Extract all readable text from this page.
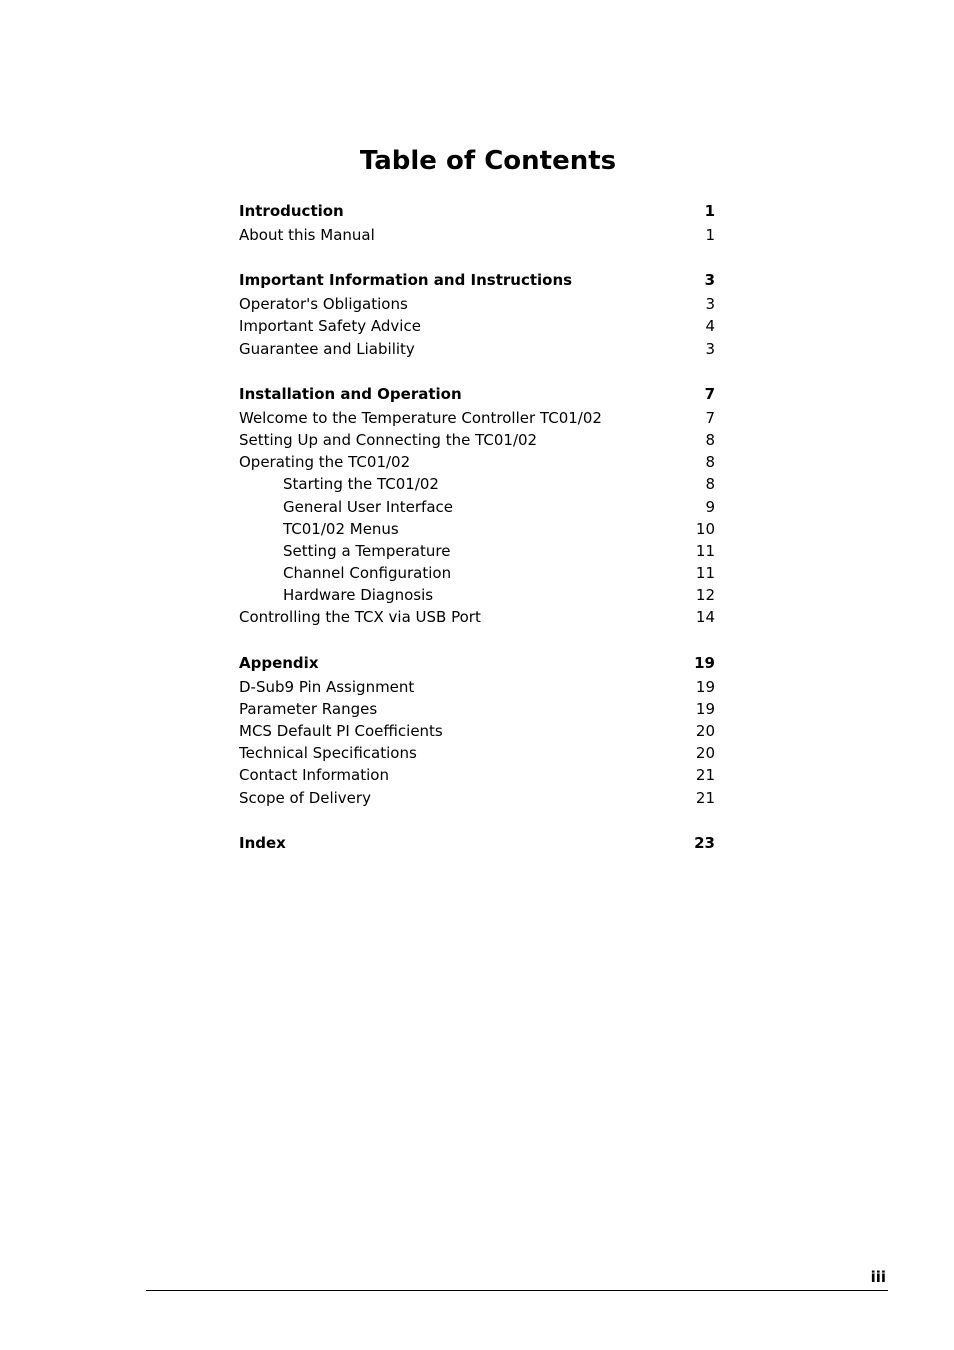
Table of Contents
Introduction	1
About this Manual	1
Important Information and Instructions	3
Operator's Obligations	3
Important Safety Advice	4
Guarantee and Liability	3
Installation and Operation	7
Welcome to the Temperature Controller TC01/02	7
Setting Up and Connecting the TC01/02	8
Operating the TC01/02	8
Starting the TC01/02	8
General User Interface	9
TC01/02 Menus	10
Setting a Temperature	11
Channel Configuration	11
Hardware Diagnosis	12
Controlling the TCX via USB Port	14
Appendix	19
D-Sub9 Pin Assignment	19
Parameter Ranges	19
MCS Default PI Coefficients	20
Technical Specifications	20
Contact Information	21
Scope of Delivery	21
Index	23
iii
